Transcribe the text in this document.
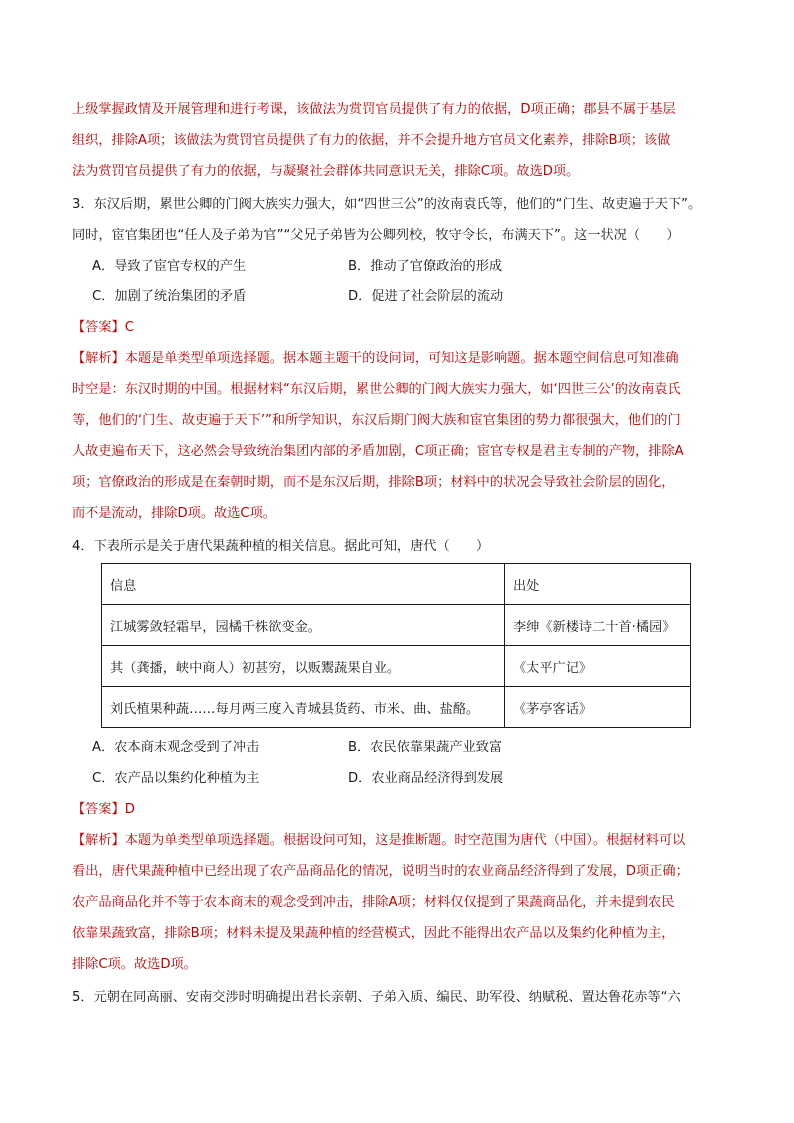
上级掌握政情及开展管理和进行考课，该做法为赏罚官员提供了有力的依据，D项正确；郡县不属于基层
组织，排除A项；该做法为赏罚官员提供了有力的依据，并不会提升地方官员文化素养，排除B项；该做
法为赏罚官员提供了有力的依据，与凝聚社会群体共同意识无关，排除C项。故选D项。
3．东汉后期，累世公卿的门阀大族实力强大，如“四世三公”的汝南袁氏等，他们的“门生、故吏遍于天下”。
同时，宦官集团也“任人及子弟为官”“父兄子弟皆为公卿列校，牧守令长，布满天下”。这一状况（　　）
A．导致了宦官专权的产生	B．推动了官僚政治的形成
C．加剧了统治集团的矛盾	D．促进了社会阶层的流动
【答案】C
【解析】本题是单类型单项选择题。据本题主题干的设问词，可知这是影响题。据本题空间信息可知准确
时空是：东汉时期的中国。根据材料“东汉后期，累世公卿的门阀大族实力强大，如‘四世三公’的汝南袁氏
等，他们的‘门生、故吏遍于天下’”和所学知识，东汉后期门阀大族和宦官集团的势力都很强大，他们的门
人故吏遍布天下，这必然会导致统治集团内部的矛盾加剧，C项正确；宦官专权是君主专制的产物，排除A
项；官僚政治的形成是在秦朝时期，而不是东汉后期，排除B项；材料中的状况会导致社会阶层的固化，
而不是流动，排除D项。故选C项。
4．下表所示是关于唐代果蔬种植的相关信息。据此可知，唐代（　　）
信息	出处
江城雾敛轻霜早，园橘千株欲变金。	李绅《新楼诗二十首·橘园》
其（龚播，峡中商人）初甚穷，以贩鬻蔬果自业。	《太平广记》
刘氏植果种蔬……每月两三度入青城县货药、市米、曲、盐酪。	《茅亭客话》
A．农本商末观念受到了冲击	B．农民依靠果蔬产业致富
C．农产品以集约化种植为主	D．农业商品经济得到发展
【答案】D
【解析】本题为单类型单项选择题。根据设问可知，这是推断题。时空范围为唐代（中国）。根据材料可以
看出，唐代果蔬种植中已经出现了农产品商品化的情况，说明当时的农业商品经济得到了发展，D项正确；
农产品商品化并不等于农本商末的观念受到冲击，排除A项；材料仅仅提到了果蔬商品化，并未提到农民
依靠果蔬致富，排除B项；材料未提及果蔬种植的经营模式，因此不能得出农产品以及集约化种植为主，
排除C项。故选D项。
5．元朝在同高丽、安南交涉时明确提出君长亲朝、子弟入质、编民、助军役、纳赋税、置达鲁花赤等“六
